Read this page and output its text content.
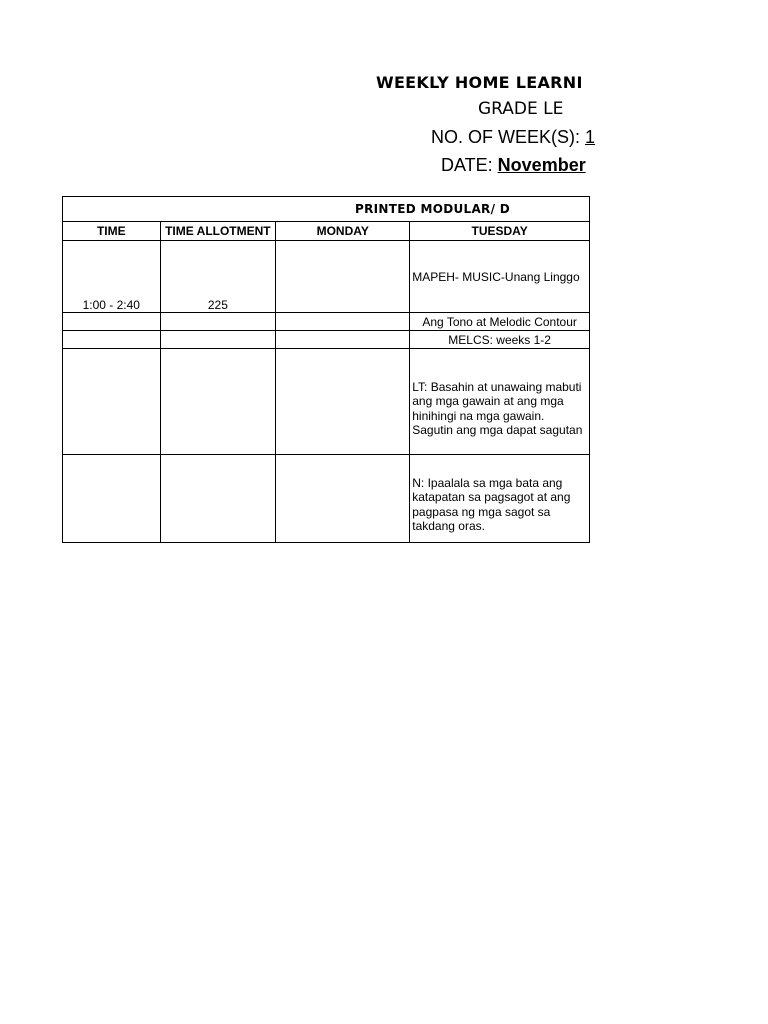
WEEKLY HOME LEARNI
GRADE LE
NO. OF WEEK(S): 1
DATE: November
PRINTED MODULAR/ D			
TIME	TIME ALLOTMENT	MONDAY	TUESDAY
1:00 - 2:40	225		MAPEH- MUSIC-Unang Linggo
			Ang Tono at Melodic Contour
			MELCS: weeks 1-2
			LT: Basahin at unawaing mabuti ang mga gawain at ang mga hinihingi na mga gawain. Sagutin ang mga dapat sagutan
			N: Ipaalala sa mga bata ang katapatan sa pagsagot at ang pagpasa ng mga sagot sa takdang oras.
